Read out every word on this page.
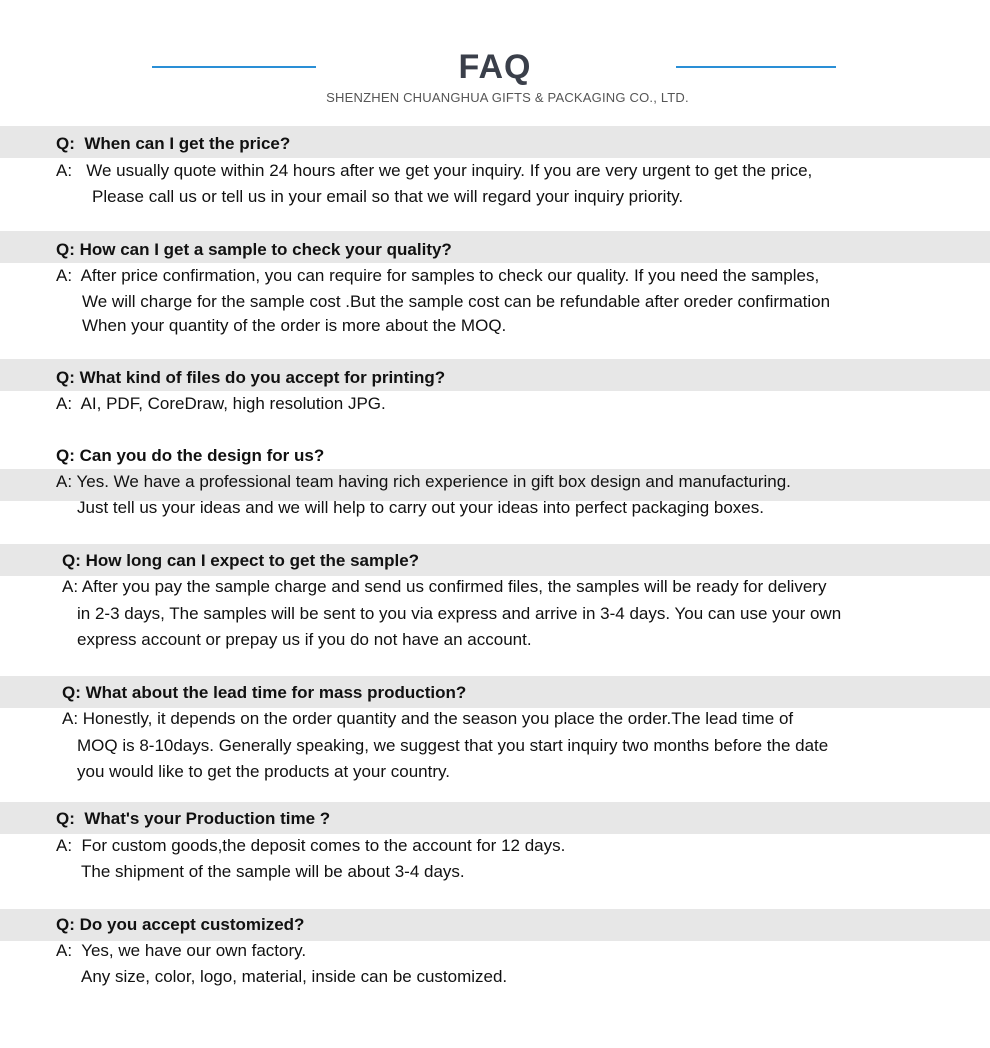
FAQ
SHENZHEN CHUANGHUA GIFTS & PACKAGING CO., LTD.
Q:  When can I get the price?
A:   We usually quote within 24 hours after we get your inquiry. If you are very urgent to get the price,
Please call us or tell us in your email so that we will regard your inquiry priority.
Q: How can I get a sample to check your quality?
A:  After price confirmation, you can require for samples to check our quality. If you need the samples,
We will charge for the sample cost .But the sample cost can be refundable after oreder confirmation
When your quantity of the order is more about the MOQ.
Q: What kind of files do you accept for printing?
A:  AI, PDF, CoreDraw, high resolution JPG.
Q: Can you do the design for us?
A: Yes. We have a professional team having rich experience in gift box design and manufacturing.
Just tell us your ideas and we will help to carry out your ideas into perfect packaging boxes.
Q: How long can I expect to get the sample?
A: After you pay the sample charge and send us confirmed files, the samples will be ready for delivery
in 2-3 days, The samples will be sent to you via express and arrive in 3-4 days. You can use your own
express account or prepay us if you do not have an account.
Q: What about the lead time for mass production?
A: Honestly, it depends on the order quantity and the season you place the order.The lead time of
MOQ is 8-10days. Generally speaking, we suggest that you start inquiry two months before the date
you would like to get the products at your country.
Q:  What's your Production time ?
A:  For custom goods,the deposit comes to the account for 12 days.
The shipment of the sample will be about 3-4 days.
Q: Do you accept customized?
A:  Yes, we have our own factory.
Any size, color, logo, material, inside can be customized.
